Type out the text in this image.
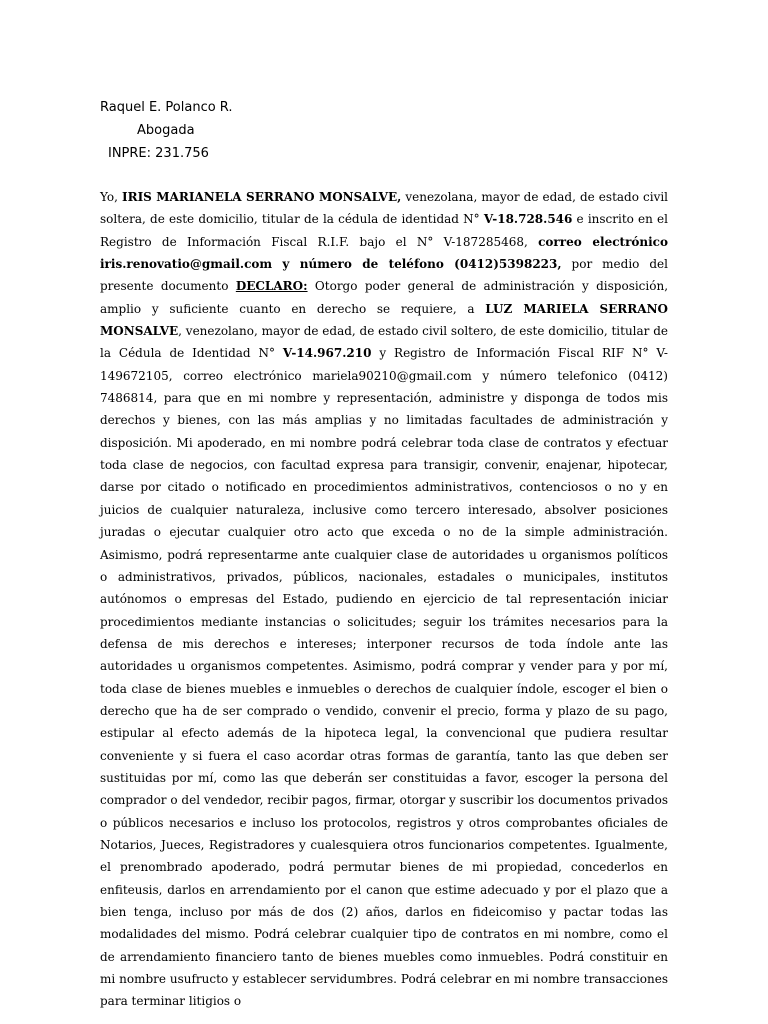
Raquel E. Polanco R.
Abogada
INPRE: 231.756
Yo, IRIS MARIANELA SERRANO MONSALVE, venezolana, mayor de edad, de estado civil soltera, de este domicilio, titular de la cédula de identidad N° V-18.728.546 e inscrito en el Registro de Información Fiscal R.I.F. bajo el N° V-187285468, correo electrónico iris.renovatio@gmail.com y número de teléfono (0412)5398223, por medio del presente documento DECLARO: Otorgo poder general de administración y disposición, amplio y suficiente cuanto en derecho se requiere, a LUZ MARIELA SERRANO MONSALVE, venezolano, mayor de edad, de estado civil soltero, de este domicilio, titular de la Cédula de Identidad N° V-14.967.210 y Registro de Información Fiscal RIF N° V-149672105, correo electrónico mariela90210@gmail.com y número telefonico (0412) 7486814, para que en mi nombre y representación, administre y disponga de todos mis derechos y bienes, con las más amplias y no limitadas facultades de administración y disposición. Mi apoderado, en mi nombre podrá celebrar toda clase de contratos y efectuar toda clase de negocios, con facultad expresa para transigir, convenir, enajenar, hipotecar, darse por citado o notificado en procedimientos administrativos, contenciosos o no y en juicios de cualquier naturaleza, inclusive como tercero interesado, absolver posiciones juradas o ejecutar cualquier otro acto que exceda o no de la simple administración. Asimismo, podrá representarme ante cualquier clase de autoridades u organismos políticos o administrativos, privados, públicos, nacionales, estadales o municipales, institutos autónomos o empresas del Estado, pudiendo en ejercicio de tal representación iniciar procedimientos mediante instancias o solicitudes; seguir los trámites necesarios para la defensa de mis derechos e intereses; interponer recursos de toda índole ante las autoridades u organismos competentes. Asimismo, podrá comprar y vender para y por mí, toda clase de bienes muebles e inmuebles o derechos de cualquier índole, escoger el bien o derecho que ha de ser comprado o vendido, convenir el precio, forma y plazo de su pago, estipular al efecto además de la hipoteca legal, la convencional que pudiera resultar conveniente y si fuera el caso acordar otras formas de garantía, tanto las que deben ser sustituidas por mí, como las que deberán ser constituidas a favor, escoger la persona del comprador o del vendedor, recibir pagos, firmar, otorgar y suscribir los documentos privados o públicos necesarios e incluso los protocolos, registros y otros comprobantes oficiales de Notarios, Jueces, Registradores y cualesquiera otros funcionarios competentes. Igualmente, el prenombrado apoderado, podrá permutar bienes de mi propiedad, concederlos en enfiteusis, darlos en arrendamiento por el canon que estime adecuado y por el plazo que a bien tenga, incluso por más de dos (2) años, darlos en fideicomiso y pactar todas las modalidades del mismo. Podrá celebrar cualquier tipo de contratos en mi nombre, como el de arrendamiento financiero tanto de bienes muebles como inmuebles. Podrá constituir en mi nombre usufructo y establecer servidumbres. Podrá celebrar en mi nombre transacciones para terminar litigios o
